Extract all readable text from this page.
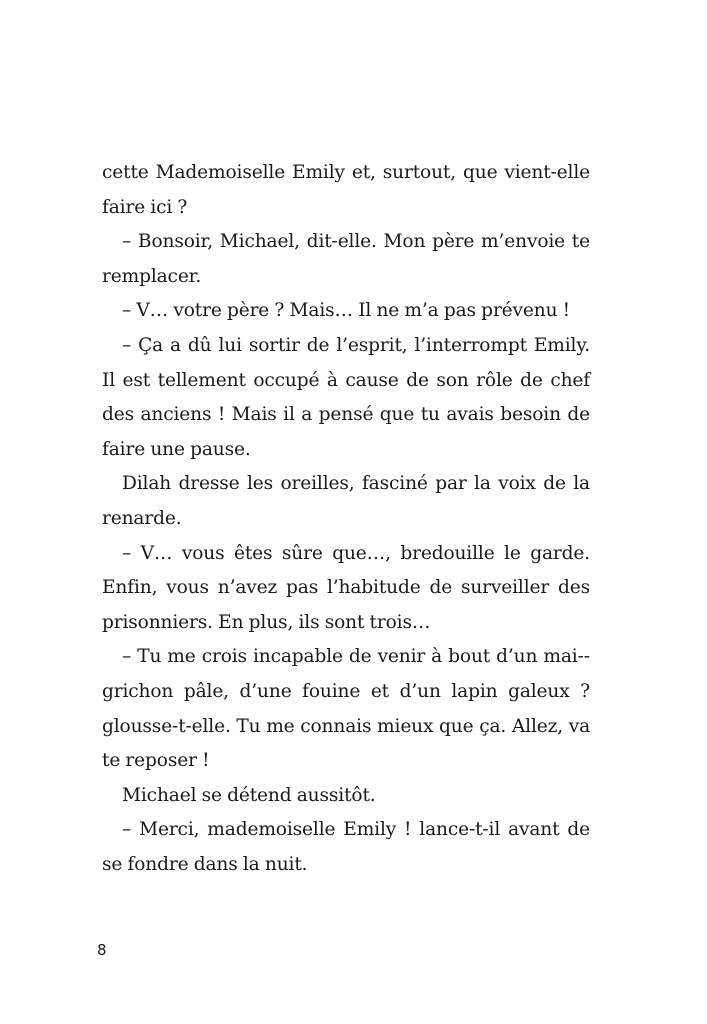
cette Mademoiselle Emily et, surtout, que vient-elle faire ici ?

– Bonsoir, Michael, dit-elle. Mon père m’envoie te remplacer.

– V… votre père ? Mais… Il ne m’a pas prévenu !

– Ça a dû lui sortir de l’esprit, l’interrompt Emily. Il est tellement occupé à cause de son rôle de chef des anciens ! Mais il a pensé que tu avais besoin de faire une pause.

Dilah dresse les oreilles, fasciné par la voix de la renarde.

– V… vous êtes sûre que…, bredouille le garde. Enfin, vous n’avez pas l’habitude de surveiller des prisonniers. En plus, ils sont trois…

– Tu me crois incapable de venir à bout d’un mai-grichon pâle, d’une fouine et d’un lapin galeux ? glousse-t-elle. Tu me connais mieux que ça. Allez, va te reposer !

Michael se détend aussitôt.

– Merci, mademoiselle Emily ! lance-t-il avant de se fondre dans la nuit.

8
